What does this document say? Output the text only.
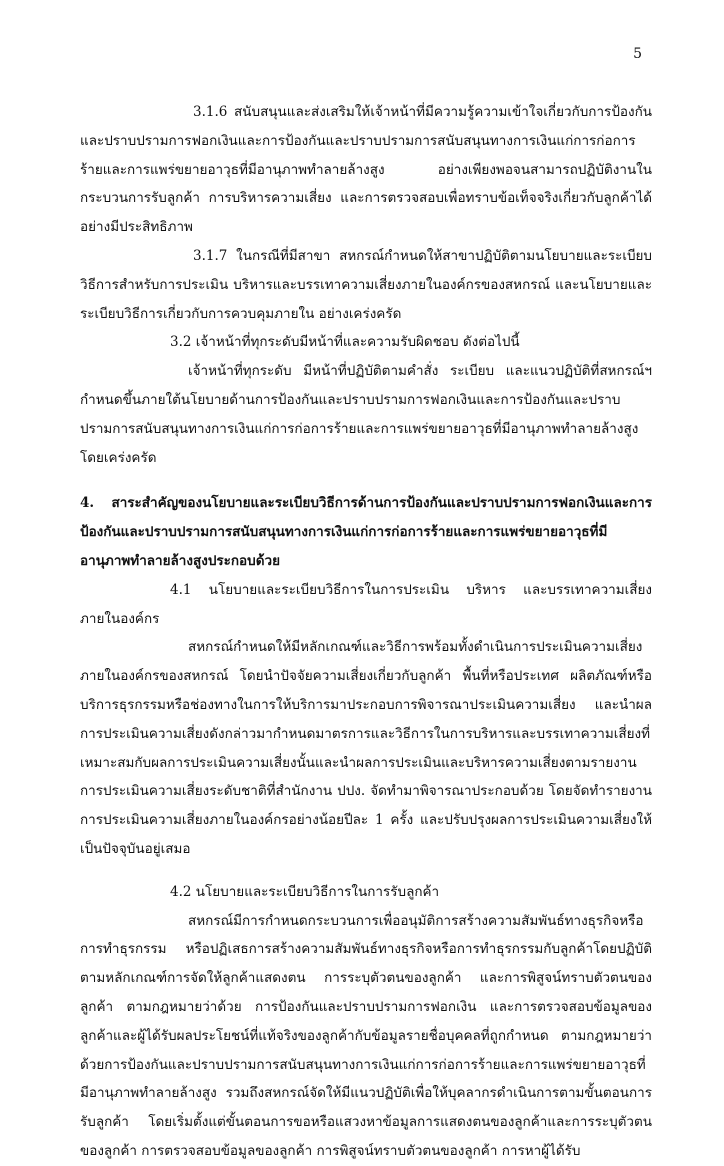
5

3.1.6 สนับสนุนและส่งเสริมให้เจ้าหน้าที่มีความรู้ความเข้าใจเกี่ยวกับการป้องกันและปราบปรามการฟอกเงินและการป้องกันและปราบปรามการสนับสนุนทางการเงินแก่การก่อการร้ายและการแพร่ขยายอาวุธที่มีอานุภาพทำลายล้างสูง อย่างเพียงพอจนสามารถปฏิบัติงานในกระบวนการรับลูกค้า การบริหารความเสี่ยง และการตรวจสอบเพื่อทราบข้อเท็จจริงเกี่ยวกับลูกค้าได้อย่างมีประสิทธิภาพ

3.1.7 ในกรณีที่มีสาขา สหกรณ์กำหนดให้สาขาปฏิบัติตามนโยบายและระเบียบวิธีการสำหรับการประเมิน บริหารและบรรเทาความเสี่ยงภายในองค์กรของสหกรณ์ และนโยบายและระเบียบวิธีการเกี่ยวกับการควบคุมภายใน อย่างเคร่งครัด

3.2 เจ้าหน้าที่ทุกระดับมีหน้าที่และความรับผิดชอบ ดังต่อไปนี้

เจ้าหน้าที่ทุกระดับ มีหน้าที่ปฏิบัติตามคำสั่ง ระเบียบ และแนวปฏิบัติที่สหกรณ์ฯกำหนดขึ้นภายใต้นโยบายด้านการป้องกันและปราบปรามการฟอกเงินและการป้องกันและปราบปรามการสนับสนุนทางการเงินแก่การก่อการร้ายและการแพร่ขยายอาวุธที่มีอานุภาพทำลายล้างสูงโดยเคร่งครัด

4. สาระสำคัญของนโยบายและระเบียบวิธีการด้านการป้องกันและปราบปรามการฟอกเงินและการป้องกันและปราบปรามการสนับสนุนทางการเงินแก่การก่อการร้ายและการแพร่ขยายอาวุธที่มีอานุภาพทำลายล้างสูงประกอบด้วย

4.1 นโยบายและระเบียบวิธีการในการประเมิน บริหาร และบรรเทาความเสี่ยงภายในองค์กร

สหกรณ์กำหนดให้มีหลักเกณฑ์และวิธีการพร้อมทั้งดำเนินการประเมินความเสี่ยงภายในองค์กรของสหกรณ์ โดยนำปัจจัยความเสี่ยงเกี่ยวกับลูกค้า พื้นที่หรือประเทศ ผลิตภัณฑ์หรือบริการธุรกรรมหรือช่องทางในการให้บริการมาประกอบการพิจารณาประเมินความเสี่ยง และนำผลการประเมินความเสี่ยงดังกล่าวมากำหนดมาตรการและวิธีการในการบริหารและบรรเทาความเสี่ยงที่เหมาะสมกับผลการประเมินความเสี่ยงนั้นและนำผลการประเมินและบริหารความเสี่ยงตามรายงานการประเมินความเสี่ยงระดับชาติที่สำนักงาน ปปง. จัดทำมาพิจารณาประกอบด้วย โดยจัดทำรายงานการประเมินความเสี่ยงภายในองค์กรอย่างน้อยปีละ 1 ครั้ง และปรับปรุงผลการประเมินความเสี่ยงให้เป็นปัจจุบันอยู่เสมอ

4.2 นโยบายและระเบียบวิธีการในการรับลูกค้า

สหกรณ์มีการกำหนดกระบวนการเพื่ออนุมัติการสร้างความสัมพันธ์ทางธุรกิจหรือการทำธุรกรรม หรือปฏิเสธการสร้างความสัมพันธ์ทางธุรกิจหรือการทำธุรกรรมกับลูกค้าโดยปฏิบัติตามหลักเกณฑ์การจัดให้ลูกค้าแสดงตน การระบุตัวตนของลูกค้า และการพิสูจน์ทราบตัวตนของลูกค้า ตามกฎหมายว่าด้วย การป้องกันและปราบปรามการฟอกเงิน และการตรวจสอบข้อมูลของลูกค้าและผู้ได้รับผลประโยชน์ที่แท้จริงของลูกค้ากับข้อมูลรายชื่อบุคคลที่ถูกกำหนด ตามกฎหมายว่าด้วยการป้องกันและปราบปรามการสนับสนุนทางการเงินแก่การก่อการร้ายและการแพร่ขยายอาวุธที่มีอานุภาพทำลายล้างสูง รวมถึงสหกรณ์จัดให้มีแนวปฏิบัติเพื่อให้บุคลากรดำเนินการตามขั้นตอนการรับลูกค้า โดยเริ่มตั้งแต่ขั้นตอนการขอหรือแสวงหาข้อมูลการแสดงตนของลูกค้าและการระบุตัวตนของลูกค้า การตรวจสอบข้อมูลของลูกค้า การพิสูจน์ทราบตัวตนของลูกค้า การหาผู้ได้รับ
